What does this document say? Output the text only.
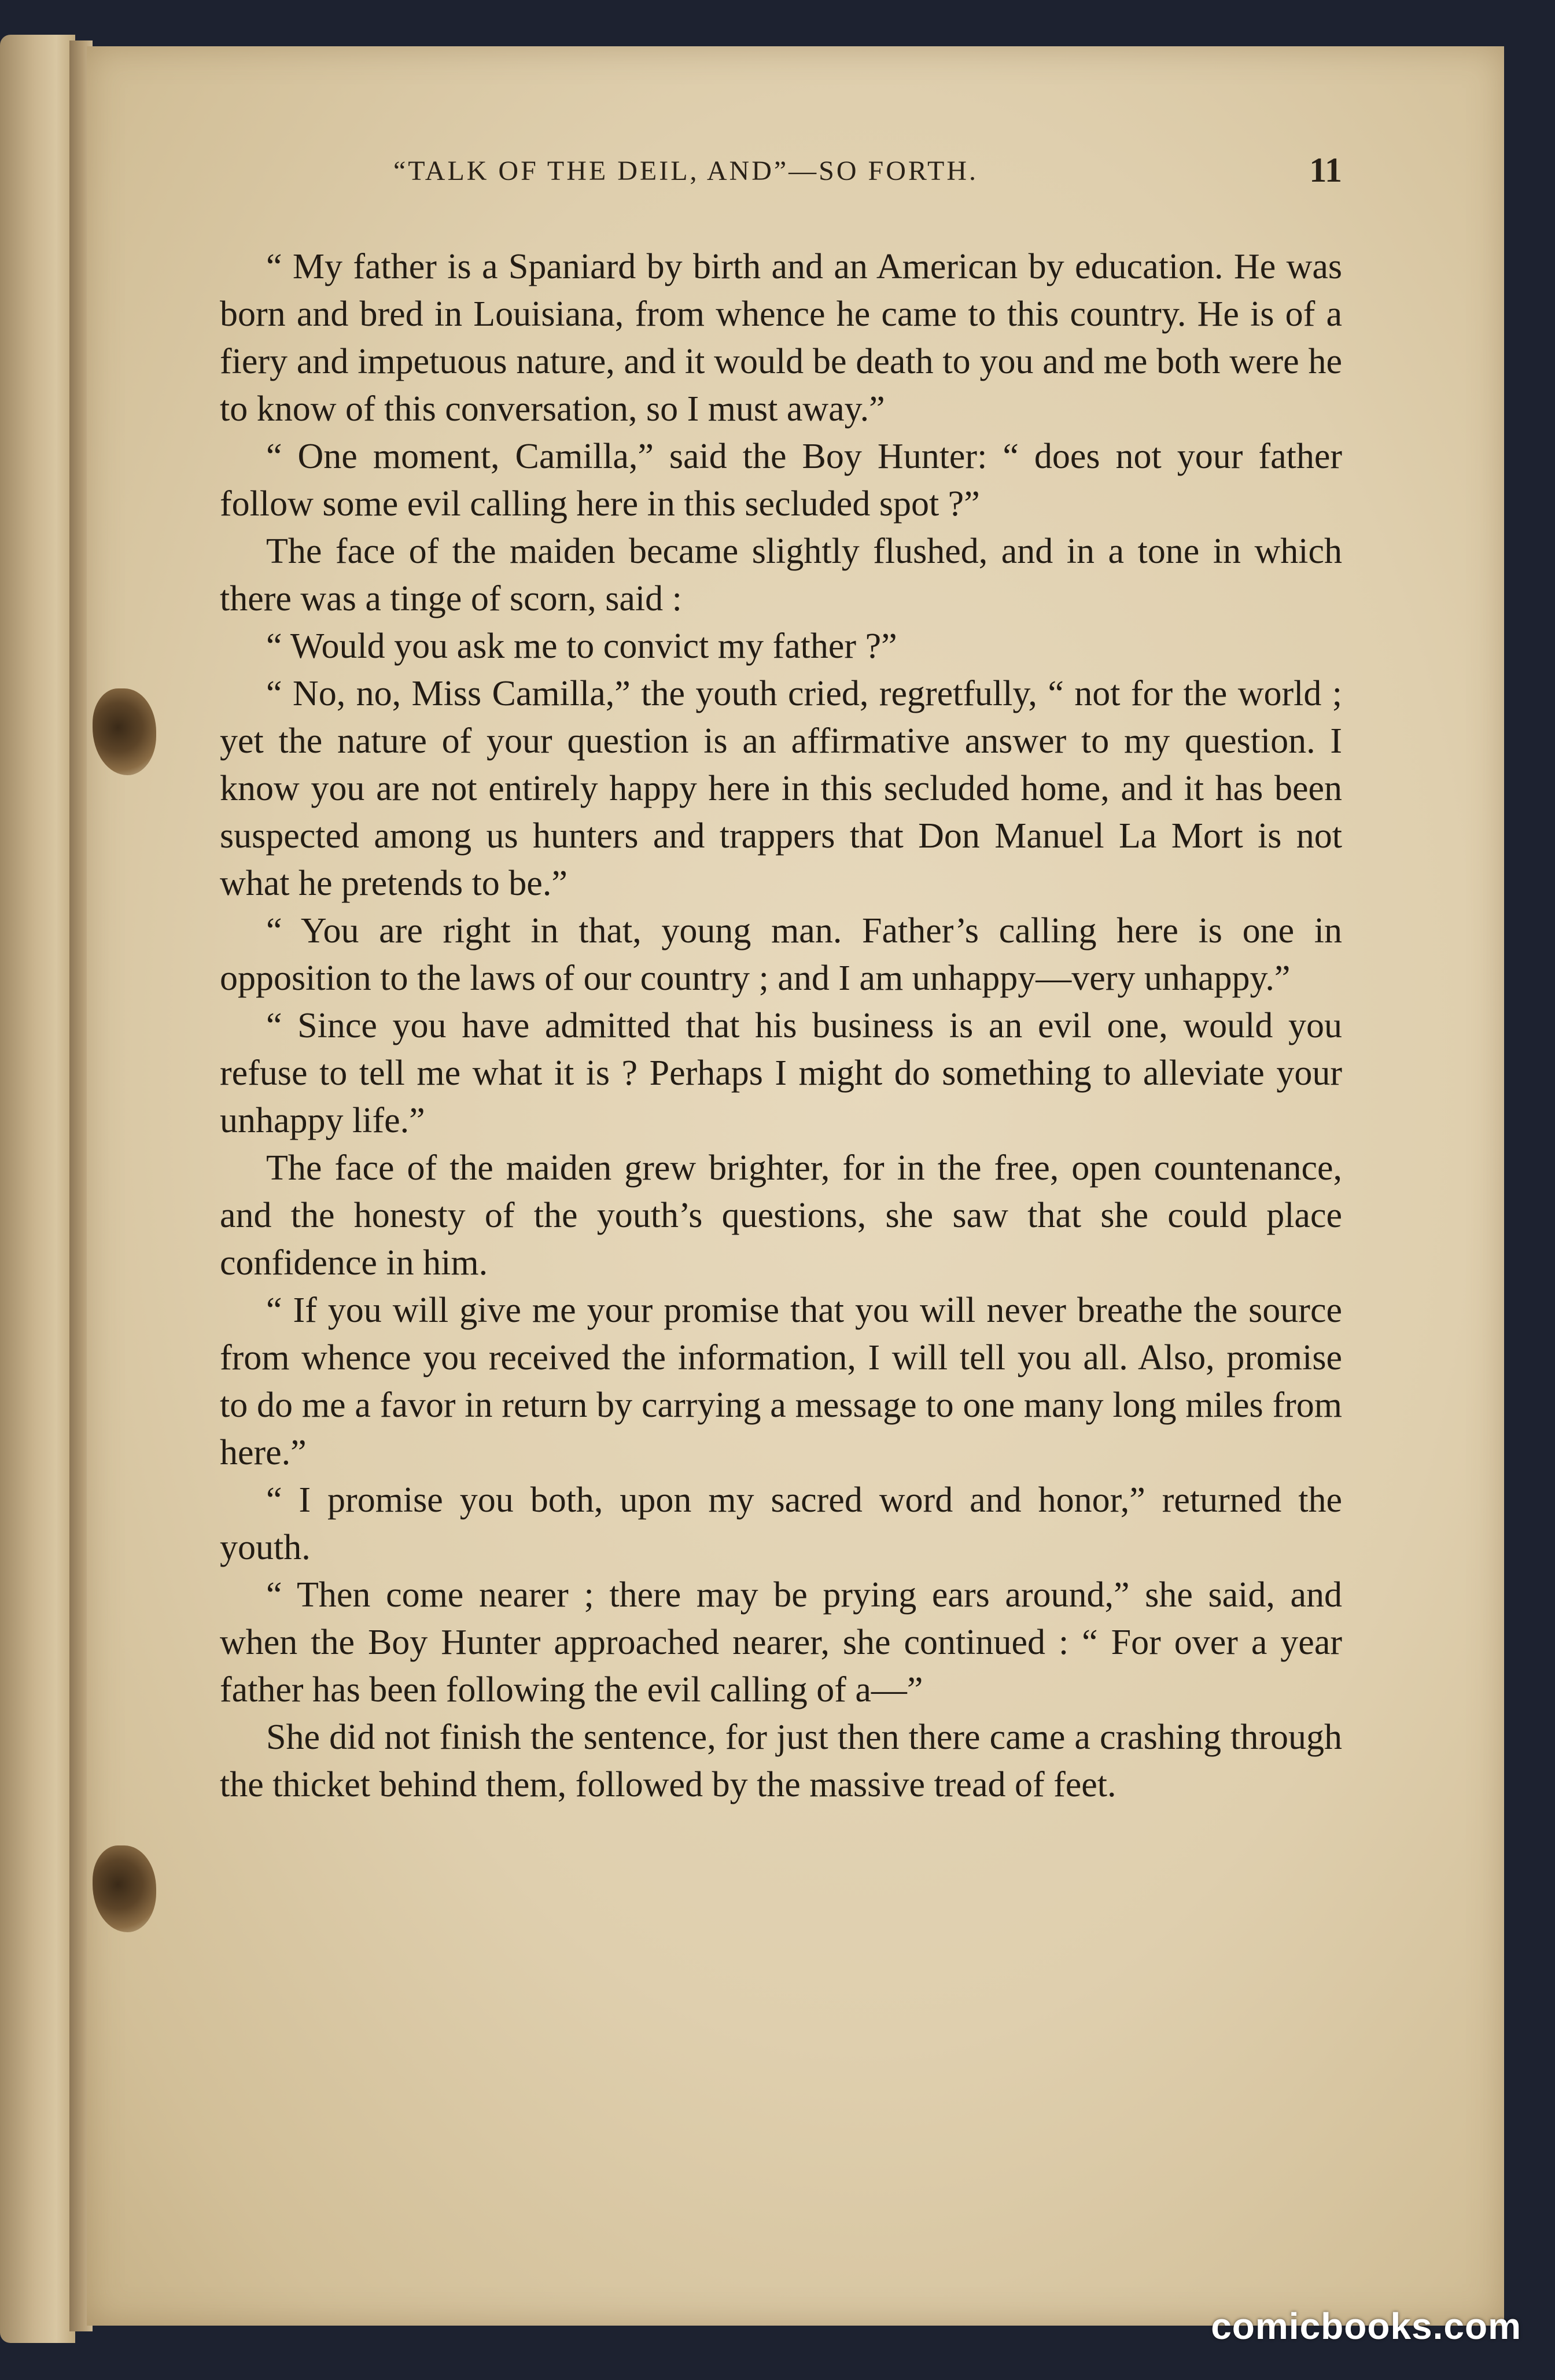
“TALK OF THE DEIL, AND”—SO FORTH.	11

“ My father is a Spaniard by birth and an American by education. He was born and bred in Louisiana, from whence he came to this country. He is of a fiery and impetuous nature, and it would be death to you and me both were he to know of this conversation, so I must away.”

“ One moment, Camilla,” said the Boy Hunter: “ does not your father follow some evil calling here in this secluded spot ?”

The face of the maiden became slightly flushed, and in a tone in which there was a tinge of scorn, said :

“ Would you ask me to convict my father ?”

“ No, no, Miss Camilla,” the youth cried, regretfully, “ not for the world ; yet the nature of your question is an affirmative answer to my question. I know you are not entirely happy here in this secluded home, and it has been suspected among us hunters and trappers that Don Manuel La Mort is not what he pretends to be.”

“ You are right in that, young man. Father’s calling here is one in opposition to the laws of our country ; and I am unhappy—very unhappy.”

“ Since you have admitted that his business is an evil one, would you refuse to tell me what it is ? Perhaps I might do something to alleviate your unhappy life.”

The face of the maiden grew brighter, for in the free, open countenance, and the honesty of the youth’s questions, she saw that she could place confidence in him.

“ If you will give me your promise that you will never breathe the source from whence you received the information, I will tell you all. Also, promise to do me a favor in return by carrying a message to one many long miles from here.”

“ I promise you both, upon my sacred word and honor,” returned the youth.

“ Then come nearer ; there may be prying ears around,” she said, and when the Boy Hunter approached nearer, she continued : “ For over a year father has been following the evil calling of a—”

She did not finish the sentence, for just then there came a crashing through the thicket behind them, followed by the massive tread of feet.

comicbooks.com
